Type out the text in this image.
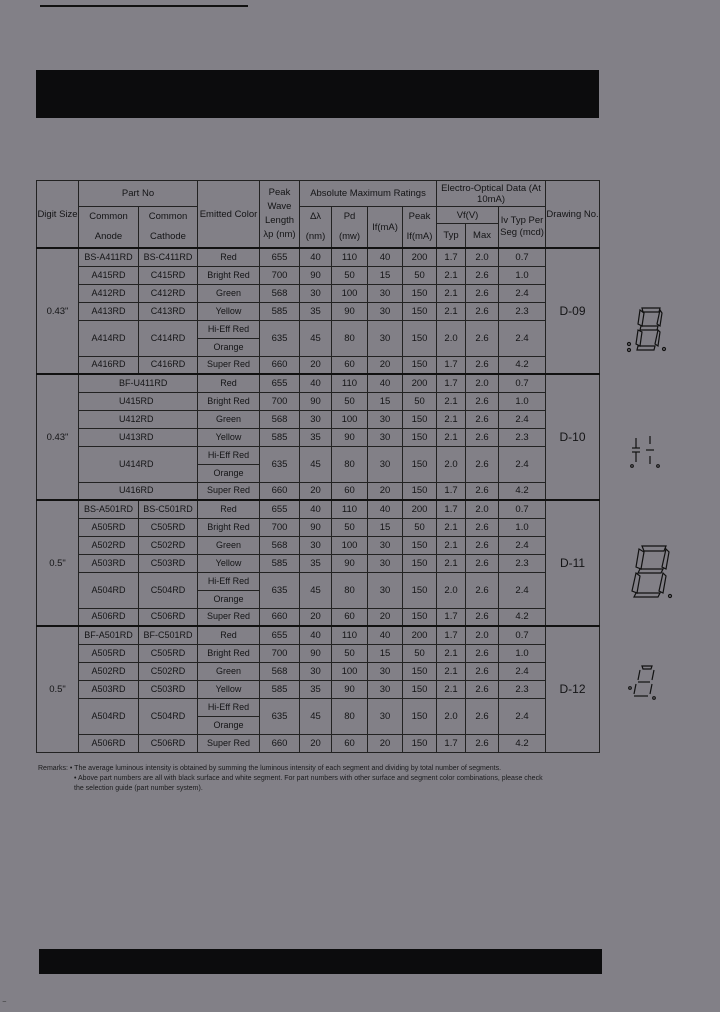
Digit Size	Part No		Emitted Color	Peak Wave Length λp (nm)	Absolute Maximum Ratings				Electro-Optical Data (At 10mA)			Drawing No.
	Common Anode	Common Cathode			Δλ (nm)	Pd (mw)	If(mA)	Peak If(mA)	Vf(V)		Iv Typ Per Seg (mcd)	
									Typ	Max		
0.43"	BS-A411RD	BS-C411RD	Red	655	40	110	40	200	1.7	2.0	0.7	D-09
	A415RD	C415RD	Bright Red	700	90	50	15	50	2.1	2.6	1.0	
	A412RD	C412RD	Green	568	30	100	30	150	2.1	2.6	2.4	
	A413RD	C413RD	Yellow	585	35	90	30	150	2.1	2.6	2.3	
	A414RD	C414RD	Hi-Eff Red	635	45	80	30	150	2.0	2.6	2.4	
			Orange									
	A416RD	C416RD	Super Red	660	20	60	20	150	1.7	2.6	4.2	
0.43"	BF-U411RD		Red	655	40	110	40	200	1.7	2.0	0.7	D-10
	U415RD		Bright Red	700	90	50	15	50	2.1	2.6	1.0	
	U412RD		Green	568	30	100	30	150	2.1	2.6	2.4	
	U413RD		Yellow	585	35	90	30	150	2.1	2.6	2.3	
	U414RD		Hi-Eff Red	635	45	80	30	150	2.0	2.6	2.4	
			Orange									
	U416RD		Super Red	660	20	60	20	150	1.7	2.6	4.2	
0.5"	BS-A501RD	BS-C501RD	Red	655	40	110	40	200	1.7	2.0	0.7	D-11
	A505RD	C505RD	Bright Red	700	90	50	15	50	2.1	2.6	1.0	
	A502RD	C502RD	Green	568	30	100	30	150	2.1	2.6	2.4	
	A503RD	C503RD	Yellow	585	35	90	30	150	2.1	2.6	2.3	
	A504RD	C504RD	Hi-Eff Red	635	45	80	30	150	2.0	2.6	2.4	
			Orange									
	A506RD	C506RD	Super Red	660	20	60	20	150	1.7	2.6	4.2	
0.5"	BF-A501RD	BF-C501RD	Red	655	40	110	40	200	1.7	2.0	0.7	D-12
	A505RD	C505RD	Bright Red	700	90	50	15	50	2.1	2.6	1.0	
	A502RD	C502RD	Green	568	30	100	30	150	2.1	2.6	2.4	
	A503RD	C503RD	Yellow	585	35	90	30	150	2.1	2.6	2.3	
	A504RD	C504RD	Hi-Eff Red	635	45	80	30	150	2.0	2.6	2.4	
			Orange									
	A506RD	C506RD	Super Red	660	20	60	20	150	1.7	2.6	4.2	

Remarks: • The average luminous intensity is obtained by summing the luminous intensity of each segment and dividing by total number of segments.

• Above part numbers are all with black surface and white segment. For part numbers with other surface and segment color combinations, please check

the selection guide (part number system).

⁻
